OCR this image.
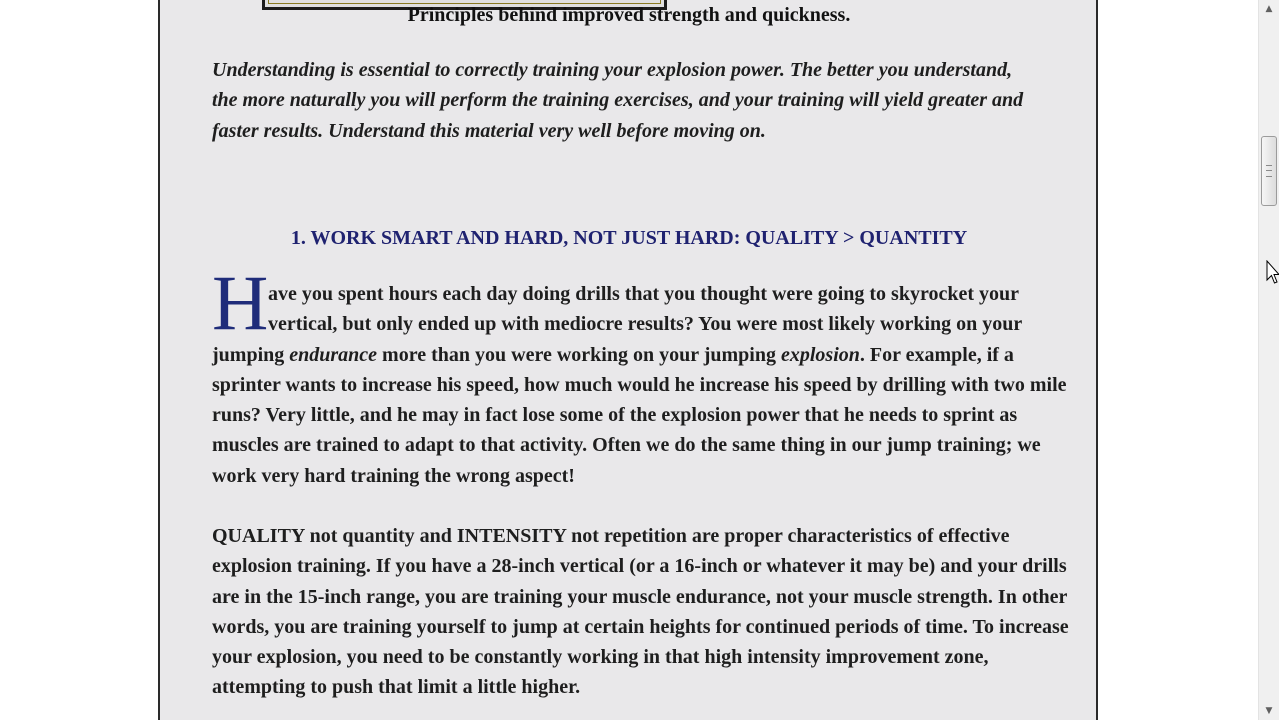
Principles behind improved strength and quickness.
Understanding is essential to correctly training your explosion power. The better you understand,
the more naturally you will perform the training exercises, and your training will yield greater and
faster results. Understand this material very well before moving on.
1. WORK SMART AND HARD, NOT JUST HARD: QUALITY > QUANTITY
H ave you spent hours each day doing drills that you thought were going to skyrocket your
vertical, but only ended up with mediocre results? You were most likely working on your
jumping endurance more than you were working on your jumping explosion. For example, if a
sprinter wants to increase his speed, how much would he increase his speed by drilling with two mile
runs? Very little, and he may in fact lose some of the explosion power that he needs to sprint as
muscles are trained to adapt to that activity. Often we do the same thing in our jump training; we
work very hard training the wrong aspect!
QUALITY not quantity and INTENSITY not repetition are proper characteristics of effective
explosion training. If you have a 28-inch vertical (or a 16-inch or whatever it may be) and your drills
are in the 15-inch range, you are training your muscle endurance, not your muscle strength. In other
words, you are training yourself to jump at certain heights for continued periods of time. To increase
your explosion, you need to be constantly working in that high intensity improvement zone,
attempting to push that limit a little higher.
▲
▼
